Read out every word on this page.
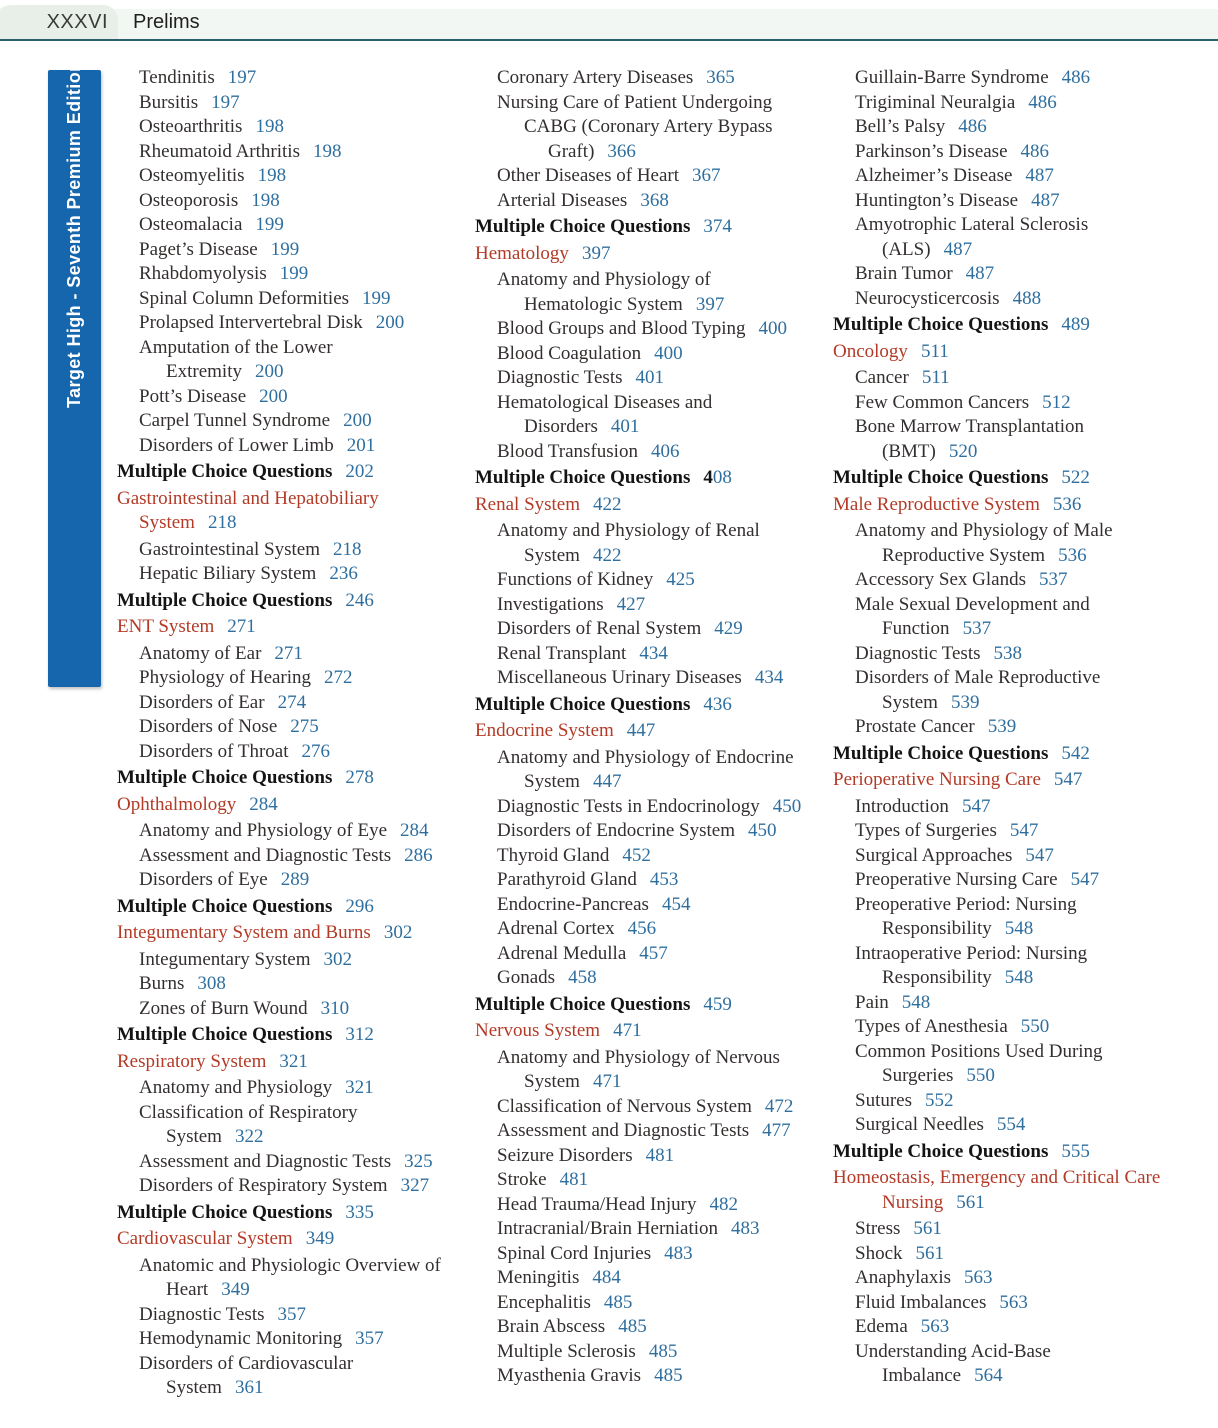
XXXVI Prelims
Target High - Seventh Premium Edition	Tendinitis 197
Bursitis 197
Osteoarthritis 198
Rheumatoid Arthritis 198
Osteomyelitis 198
Osteoporosis 198
Osteomalacia 199
Paget’s Disease 199
Rhabdomyolysis 199
Spinal Column Deformities 199
Prolapsed Intervertebral Disk 200
Amputation of the Lower
Extremity 200
Pott’s Disease 200
Carpel Tunnel Syndrome 200
Disorders of Lower Limb 201
Multiple Choice Questions 202
Gastrointestinal and Hepatobiliary
System 218
Gastrointestinal System 218
Hepatic Biliary System 236
Multiple Choice Questions 246
ENT System 271
Anatomy of Ear 271
Physiology of Hearing 272
Disorders of Ear 274
Disorders of Nose 275
Disorders of Throat 276
Multiple Choice Questions 278
Ophthalmology 284
Anatomy and Physiology of Eye 284
Assessment and Diagnostic Tests 286
Disorders of Eye 289
Multiple Choice Questions 296
Integumentary System and Burns 302
Integumentary System 302
Burns 308
Zones of Burn Wound 310
Multiple Choice Questions 312
Respiratory System 321
Anatomy and Physiology 321
Classification of Respiratory
System 322
Assessment and Diagnostic Tests 325
Disorders of Respiratory System 327
Multiple Choice Questions 335
Cardiovascular System 349
Anatomic and Physiologic Overview of
Heart 349
Diagnostic Tests 357
Hemodynamic Monitoring 357
Disorders of Cardiovascular
System 361
Coronary Artery Diseases 365
Nursing Care of Patient Undergoing
CABG (Coronary Artery Bypass
Graft) 366
Other Diseases of Heart 367
Arterial Diseases 368
Multiple Choice Questions 374
Hematology 397
Anatomy and Physiology of
Hematologic System 397
Blood Groups and Blood Typing 400
Blood Coagulation 400
Diagnostic Tests 401
Hematological Diseases and
Disorders 401
Blood Transfusion 406
Multiple Choice Questions 408
Renal System 422
Anatomy and Physiology of Renal
System 422
Functions of Kidney 425
Investigations 427
Disorders of Renal System 429
Renal Transplant 434
Miscellaneous Urinary Diseases 434
Multiple Choice Questions 436
Endocrine System 447
Anatomy and Physiology of Endocrine
System 447
Diagnostic Tests in Endocrinology 450
Disorders of Endocrine System 450
Thyroid Gland 452
Parathyroid Gland 453
Endocrine-Pancreas 454
Adrenal Cortex 456
Adrenal Medulla 457
Gonads 458
Multiple Choice Questions 459
Nervous System 471
Anatomy and Physiology of Nervous
System 471
Classification of Nervous System 472
Assessment and Diagnostic Tests 477
Seizure Disorders 481
Stroke 481
Head Trauma/Head Injury 482
Intracranial/Brain Herniation 483
Spinal Cord Injuries 483
Meningitis 484
Encephalitis 485
Brain Abscess 485
Multiple Sclerosis 485
Myasthenia Gravis 485
Guillain-Barre Syndrome 486
Trigiminal Neuralgia 486
Bell’s Palsy 486
Parkinson’s Disease 486
Alzheimer’s Disease 487
Huntington’s Disease 487
Amyotrophic Lateral Sclerosis
(ALS) 487
Brain Tumor 487
Neurocysticercosis 488
Multiple Choice Questions 489
Oncology 511
Cancer 511
Few Common Cancers 512
Bone Marrow Transplantation
(BMT) 520
Multiple Choice Questions 522
Male Reproductive System 536
Anatomy and Physiology of Male
Reproductive System 536
Accessory Sex Glands 537
Male Sexual Development and
Function 537
Diagnostic Tests 538
Disorders of Male Reproductive
System 539
Prostate Cancer 539
Multiple Choice Questions 542
Perioperative Nursing Care 547
Introduction 547
Types of Surgeries 547
Surgical Approaches 547
Preoperative Nursing Care 547
Preoperative Period: Nursing
Responsibility 548
Intraoperative Period: Nursing
Responsibility 548
Pain 548
Types of Anesthesia 550
Common Positions Used During
Surgeries 550
Sutures 552
Surgical Needles 554
Multiple Choice Questions 555
Homeostasis, Emergency and Critical Care
Nursing 561
Stress 561
Shock 561
Anaphylaxis 563
Fluid Imbalances 563
Edema 563
Understanding Acid-Base
Imbalance 564
